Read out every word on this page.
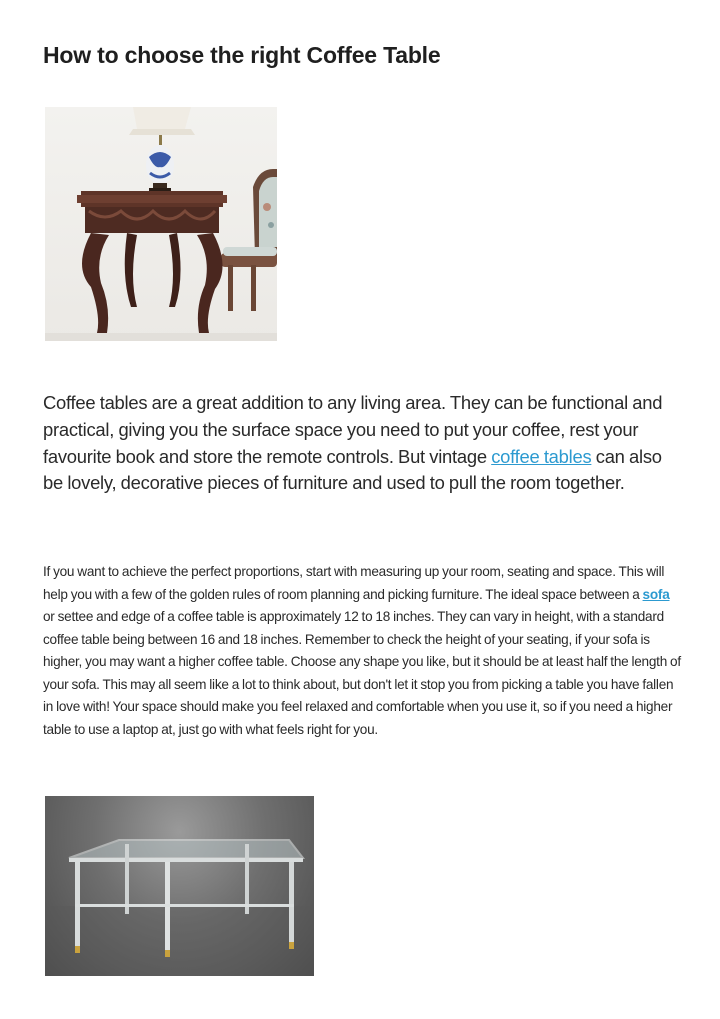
How to choose the right Coffee Table

Coffee tables are a great addition to any living area. They can be functional and practical, giving you the surface space you need to put your coffee, rest your favourite book and store the remote controls. But vintage coffee tables can also be lovely, decorative pieces of furniture and used to pull the room together.

If you want to achieve the perfect proportions, start with measuring up your room, seating and space. This will help you with a few of the golden rules of room planning and picking furniture. The ideal space between a sofa or settee and edge of a coffee table is approximately 12 to 18 inches. They can vary in height, with a standard coffee table being between 16 and 18 inches. Remember to check the height of your seating, if your sofa is higher, you may want a higher coffee table. Choose any shape you like, but it should be at least half the length of your sofa. This may all seem like a lot to think about, but don't let it stop you from picking a table you have fallen in love with! Your space should make you feel relaxed and comfortable when you use it, so if you need a higher table to use a laptop at, just go with what feels right for you.
